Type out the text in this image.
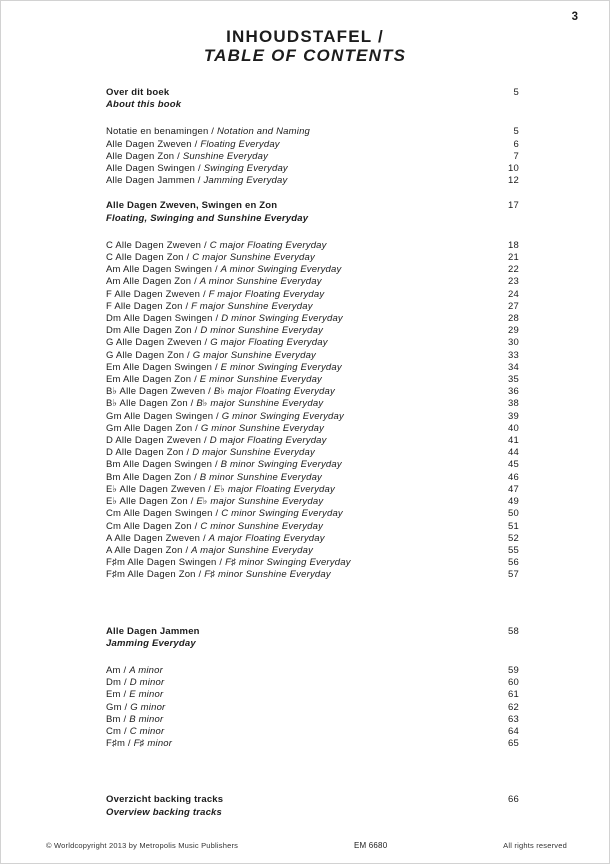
3
INHOUDSTAFEL /
TABLE OF CONTENTS
Over dit boek	5
About this book
Notatie en benamingen / Notation and Naming	5
Alle Dagen Zweven / Floating Everyday	6
Alle Dagen Zon / Sunshine Everyday	7
Alle Dagen Swingen / Swinging Everyday	10
Alle Dagen Jammen / Jamming Everyday	12
Alle Dagen Zweven, Swingen en Zon	17
Floating, Swinging and Sunshine Everyday
C Alle Dagen Zweven / C major Floating Everyday	18
C Alle Dagen Zon / C major Sunshine Everyday	21
Am Alle Dagen Swingen / A minor Swinging Everyday	22
Am Alle Dagen Zon / A minor Sunshine Everyday	23
F Alle Dagen Zweven / F major Floating Everyday	24
F Alle Dagen Zon / F major Sunshine Everyday	27
Dm Alle Dagen Swingen / D minor Swinging Everyday	28
Dm Alle Dagen Zon / D minor Sunshine Everyday	29
G Alle Dagen Zweven / G major Floating Everyday	30
G Alle Dagen Zon / G major Sunshine Everyday	33
Em Alle Dagen Swingen / E minor Swinging Everyday	34
Em Alle Dagen Zon / E minor Sunshine Everyday	35
B♭ Alle Dagen Zweven / B♭ major Floating Everyday	36
B♭ Alle Dagen Zon / B♭ major Sunshine Everyday	38
Gm Alle Dagen Swingen / G minor Swinging Everyday	39
Gm Alle Dagen Zon / G minor Sunshine Everyday	40
D Alle Dagen Zweven / D major Floating Everyday	41
D Alle Dagen Zon / D major Sunshine Everyday	44
Bm Alle Dagen Swingen / B minor Swinging Everyday	45
Bm Alle Dagen Zon / B minor Sunshine Everyday	46
E♭ Alle Dagen Zweven / E♭ major Floating Everyday	47
E♭ Alle Dagen Zon / E♭ major Sunshine Everyday	49
Cm Alle Dagen Swingen / C minor Swinging Everyday	50
Cm Alle Dagen Zon / C minor Sunshine Everyday	51
A Alle Dagen Zweven / A major Floating Everyday	52
A Alle Dagen Zon / A major Sunshine Everyday	55
F♯m Alle Dagen Swingen / F♯ minor Swinging Everyday	56
F♯m Alle Dagen Zon / F♯ minor Sunshine Everyday	57
Alle Dagen Jammen	58
Jamming Everyday
Am / A minor	59
Dm / D minor	60
Em / E minor	61
Gm / G minor	62
Bm / B minor	63
Cm / C minor	64
F♯m / F♯ minor	65
Overzicht backing tracks	66
Overview backing tracks
© Worldcopyright 2013 by Metropolis Music Publishers	EM 6680	All rights reserved
